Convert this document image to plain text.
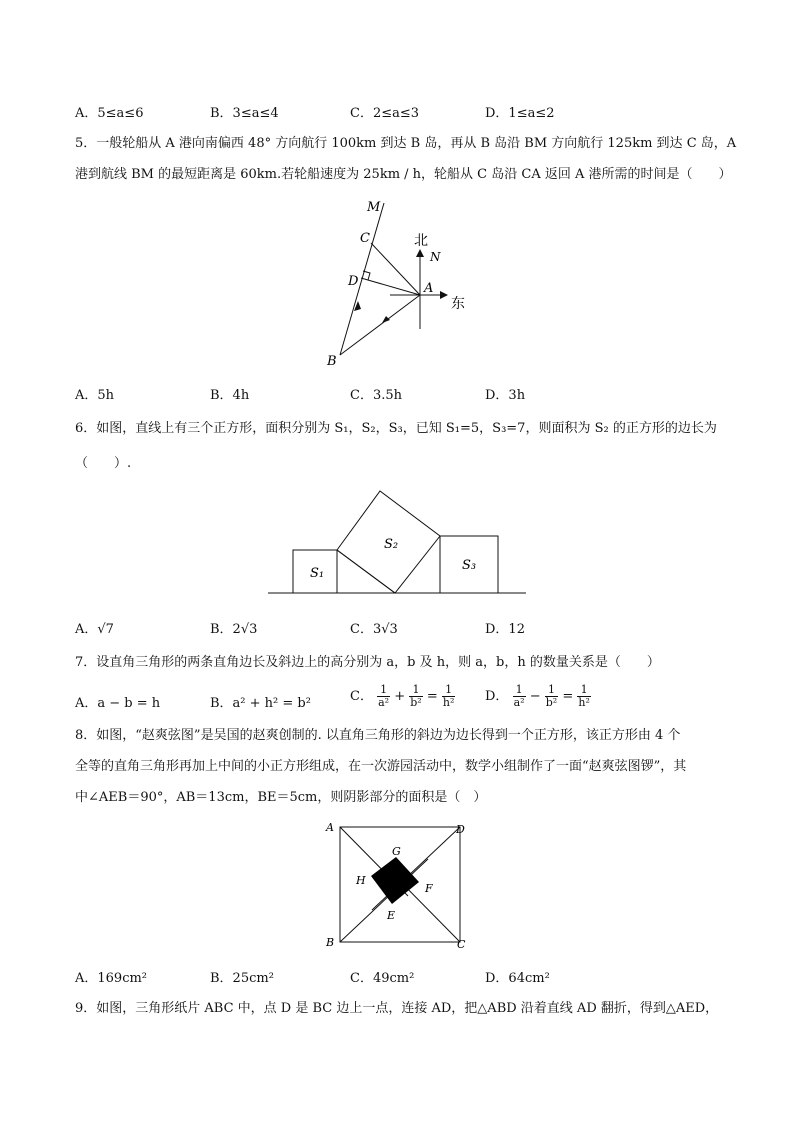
A．5≤a≤6	B．3≤a≤4	C．2≤a≤3	D．1≤a≤2
5．一般轮船从 A 港向南偏西 48° 方向航行 100km 到达 B 岛，再从 B 岛沿 BM 方向航行 125km 到达 C 岛，A
港到航线 BM 的最短距离是 60km.若轮船速度为 25km / h，轮船从 C 岛沿 CA 返回 A 港所需的时间是（　　）
M
C
D	A
B
N
北
东
A．5h	B．4h	C．3.5h	D．3h
6．如图，直线上有三个正方形，面积分别为 S₁，S₂，S₃，已知 S₁=5，S₃=7，则面积为 S₂ 的正方形的边长为
（　　）.
S₁
S₂
S₃
A．√7	B．2√3	C．3√3	D．12
7．设直角三角形的两条直角边长及斜边上的高分别为 a，b 及 h，则 a，b，h 的数量关系是（　　）
A．a − b = h	B．a² + h² = b²	C． $\frac{1}{\text{a²}} + \frac{1}{\text{b²}} = \frac{1}{\text{h²}}$ D． $\frac{1}{\text{a²}} - \frac{1}{\text{b²}} = \frac{1}{\text{h²}}$
8．如图，“赵爽弦图”是吴国的赵爽创制的. 以直角三角形的斜边为边长得到一个正方形，该正方形由 4 个
全等的直角三角形再加上中间的小正方形组成，在一次游园活动中，数学小组制作了一面“赵爽弦图锣”，其
中∠AEB＝90°，AB＝13cm，BE＝5cm，则阴影部分的面积是（　）
A	D
B	C
G
H
F
E
A．169cm²	B．25cm²	C．49cm²	D．64cm²
9．如图，三角形纸片 ABC 中，点 D 是 BC 边上一点，连接 AD，把△ABD 沿着直线 AD 翻折，得到△AED，
